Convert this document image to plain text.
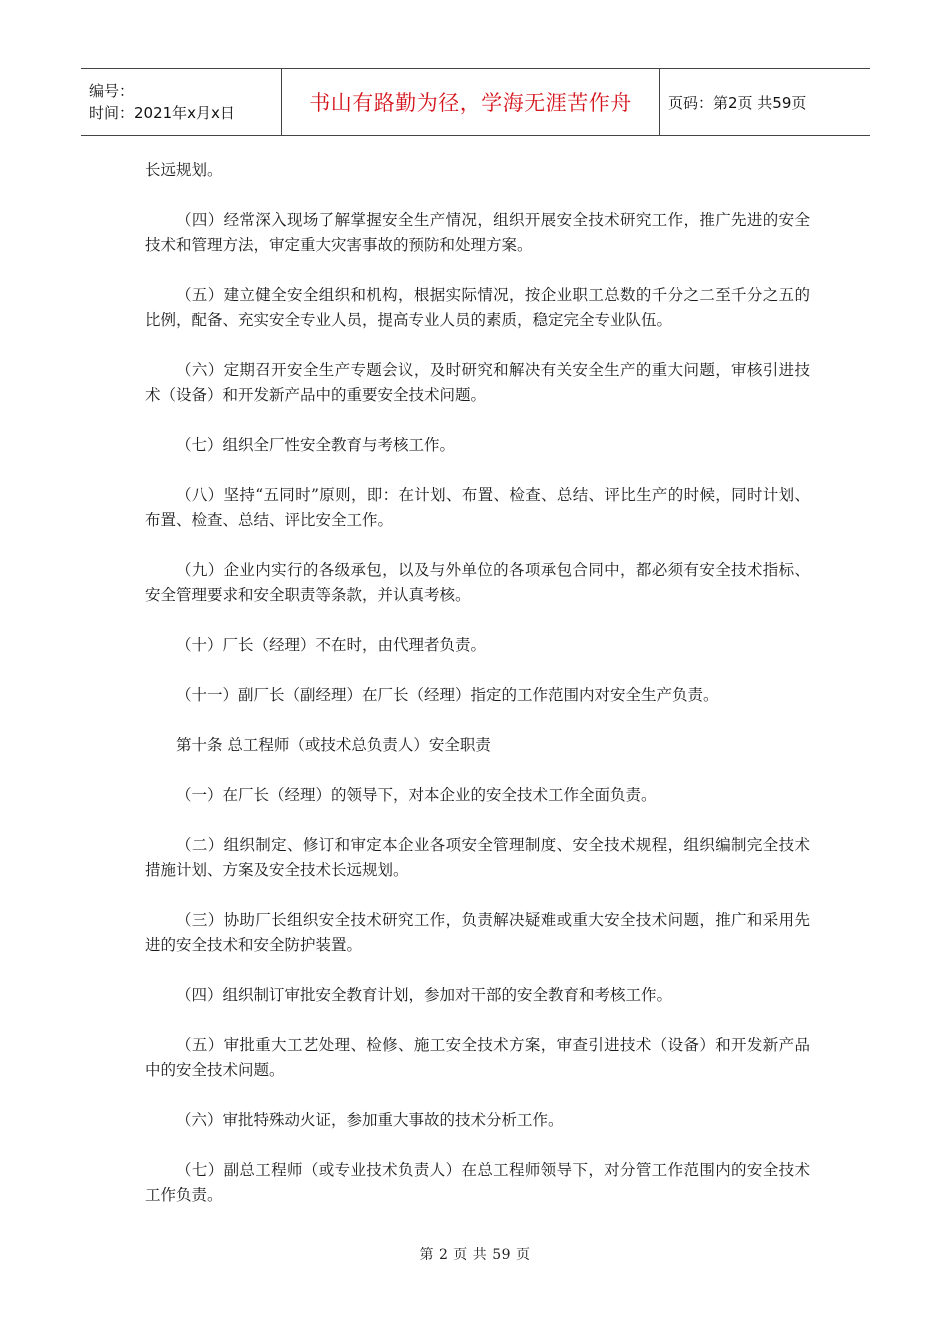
编号：
时间：2021年x月x日	书山有路勤为径，学海无涯苦作舟 页码：第2页 共59页

长远规划。

（四）经常深入现场了解掌握安全生产情况，组织开展安全技术研究工作，推广先进的安全技术和管理方法，审定重大灾害事故的预防和处理方案。

（五）建立健全安全组织和机构，根据实际情况，按企业职工总数的千分之二至千分之五的比例，配备、充实安全专业人员，提高专业人员的素质，稳定完全专业队伍。

（六）定期召开安全生产专题会议，及时研究和解决有关安全生产的重大问题，审核引进技术（设备）和开发新产品中的重要安全技术问题。

（七）组织全厂性安全教育与考核工作。

（八）坚持“五同时”原则，即：在计划、布置、检查、总结、评比生产的时候，同时计划、布置、检查、总结、评比安全工作。

（九）企业内实行的各级承包，以及与外单位的各项承包合同中，都必须有安全技术指标、安全管理要求和安全职责等条款，并认真考核。

（十）厂长（经理）不在时，由代理者负责。

（十一）副厂长（副经理）在厂长（经理）指定的工作范围内对安全生产负责。

第十条 总工程师（或技术总负责人）安全职责

（一）在厂长（经理）的领导下，对本企业的安全技术工作全面负责。

（二）组织制定、修订和审定本企业各项安全管理制度、安全技术规程，组织编制完全技术措施计划、方案及安全技术长远规划。

（三）协助厂长组织安全技术研究工作，负责解决疑难或重大安全技术问题，推广和采用先进的安全技术和安全防护装置。

（四）组织制订审批安全教育计划，参加对干部的安全教育和考核工作。

（五）审批重大工艺处理、检修、施工安全技术方案，审查引进技术（设备）和开发新产品中的安全技术问题。

（六）审批特殊动火证，参加重大事故的技术分析工作。

（七）副总工程师（或专业技术负责人）在总工程师领导下，对分管工作范围内的安全技术工作负责。

第 2 页 共 59 页
